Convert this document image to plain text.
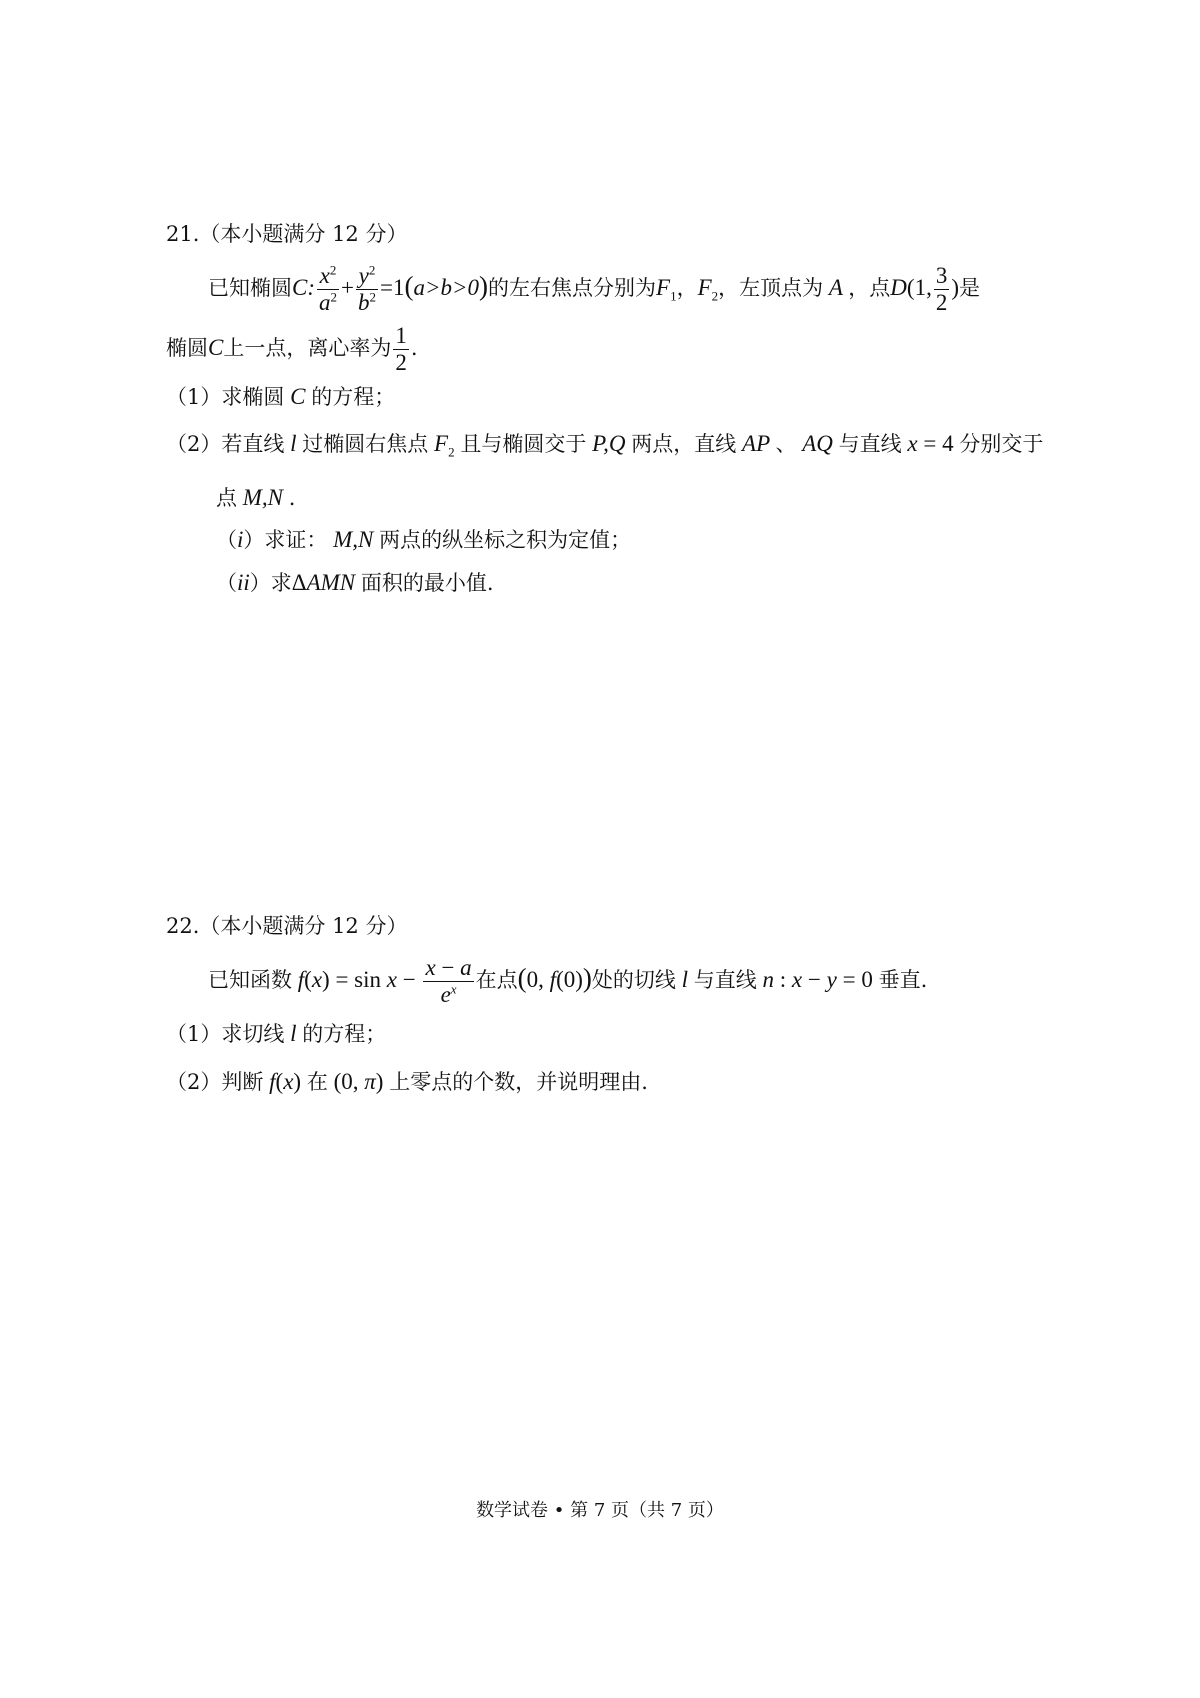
21.（本小题满分 12 分）
已知椭圆C: $\frac{x^2}{a^2} + \frac{y^2}{b^2} =1(a>b>0)$的左右焦点分别为$F_1$，$F_2$，左顶点为 A ，点D(1, $\frac{3}{2}$ )是
椭圆C上一点，离心率为 $\frac{1}{2}$ .
（1）求椭圆 C 的方程；
（2）若直线 l 过椭圆右焦点 $F_2$ 且与椭圆交于 P,Q 两点，直线 AP 、 AQ 与直线 x = 4 分别交于
点 M,N .
（i）求证： M,N 两点的纵坐标之积为定值；
（ii）求ΔAMN 面积的最小值.
22.（本小题满分 12 分）
已知函数 $f(x) = \sin x - \frac{x - a}{e^x}$ 在点(0, f(0))处的切线 l 与直线 n : x − y = 0 垂直.
（1）求切线 l 的方程；
（2）判断 f(x) 在 (0, π) 上零点的个数，并说明理由.
数学试卷 • 第 7 页（共 7 页）
